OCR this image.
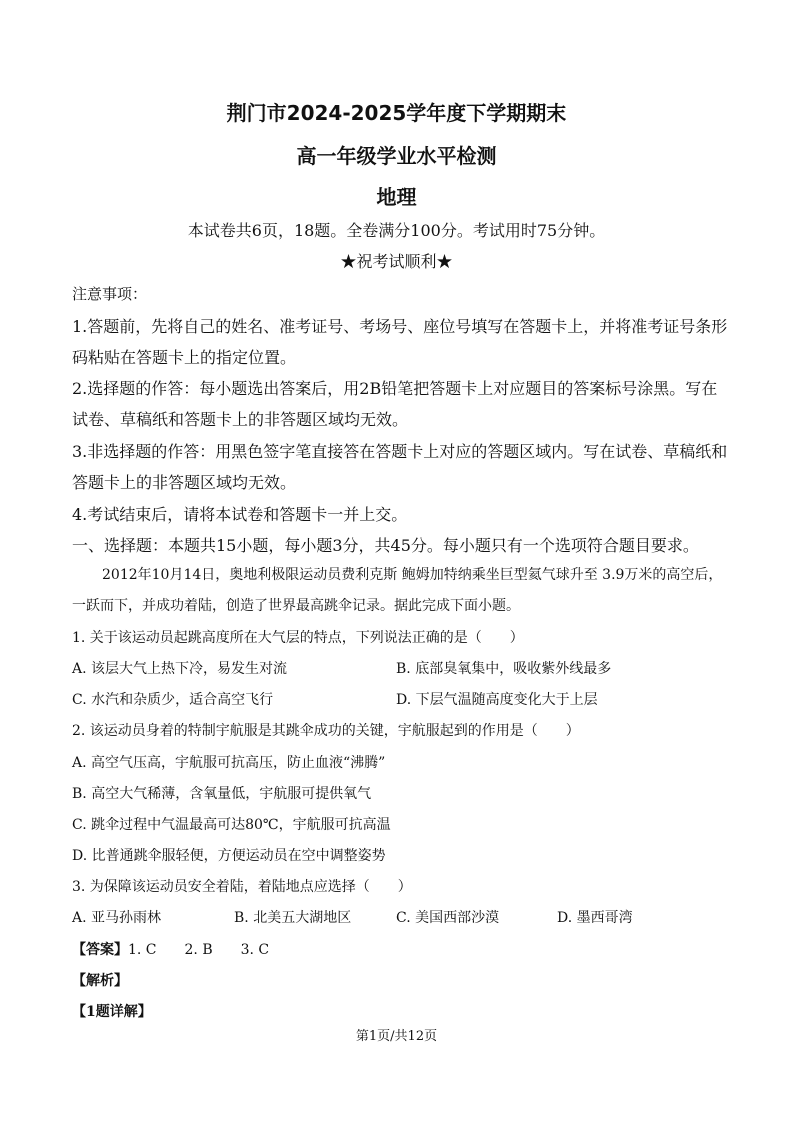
荆门市2024-2025学年度下学期期末
高一年级学业水平检测
地理
本试卷共6页，18题。全卷满分100分。考试用时75分钟。
★祝考试顺利★
注意事项：
1.答题前，先将自己的姓名、准考证号、考场号、座位号填写在答题卡上，并将准考证号条形
码粘贴在答题卡上的指定位置。
2.选择题的作答：每小题选出答案后，用2B铅笔把答题卡上对应题目的答案标号涂黑。写在
试卷、草稿纸和答题卡上的非答题区域均无效。
3.非选择题的作答：用黑色签字笔直接答在答题卡上对应的答题区域内。写在试卷、草稿纸和
答题卡上的非答题区域均无效。
4.考试结束后，请将本试卷和答题卡一并上交。
一、选择题：本题共15小题，每小题3分，共45分。每小题只有一个选项符合题目要求。
2012年10月14日，奥地利极限运动员费利克斯 鲍姆加特纳乘坐巨型氦气球升至 3.9万米的高空后，
一跃而下，并成功着陆，创造了世界最高跳伞记录。据此完成下面小题。
1. 关于该运动员起跳高度所在大气层的特点，下列说法正确的是（　　）
A. 该层大气上热下冷，易发生对流	B. 底部臭氧集中，吸收紫外线最多
C. 水汽和杂质少，适合高空飞行	D. 下层气温随高度变化大于上层
2. 该运动员身着的特制宇航服是其跳伞成功的关键，宇航服起到的作用是（　　）
A. 高空气压高，宇航服可抗高压，防止血液“沸腾”
B. 高空大气稀薄，含氧量低，宇航服可提供氧气
C. 跳伞过程中气温最高可达80℃，宇航服可抗高温
D. 比普通跳伞服轻便，方便运动员在空中调整姿势
3. 为保障该运动员安全着陆，着陆地点应选择（　　）
A. 亚马孙雨林	B. 北美五大湖地区	C. 美国西部沙漠	D. 墨西哥湾
【答案】1. C　　2. B　　3. C
【解析】
【1题详解】
第1页/共12页
